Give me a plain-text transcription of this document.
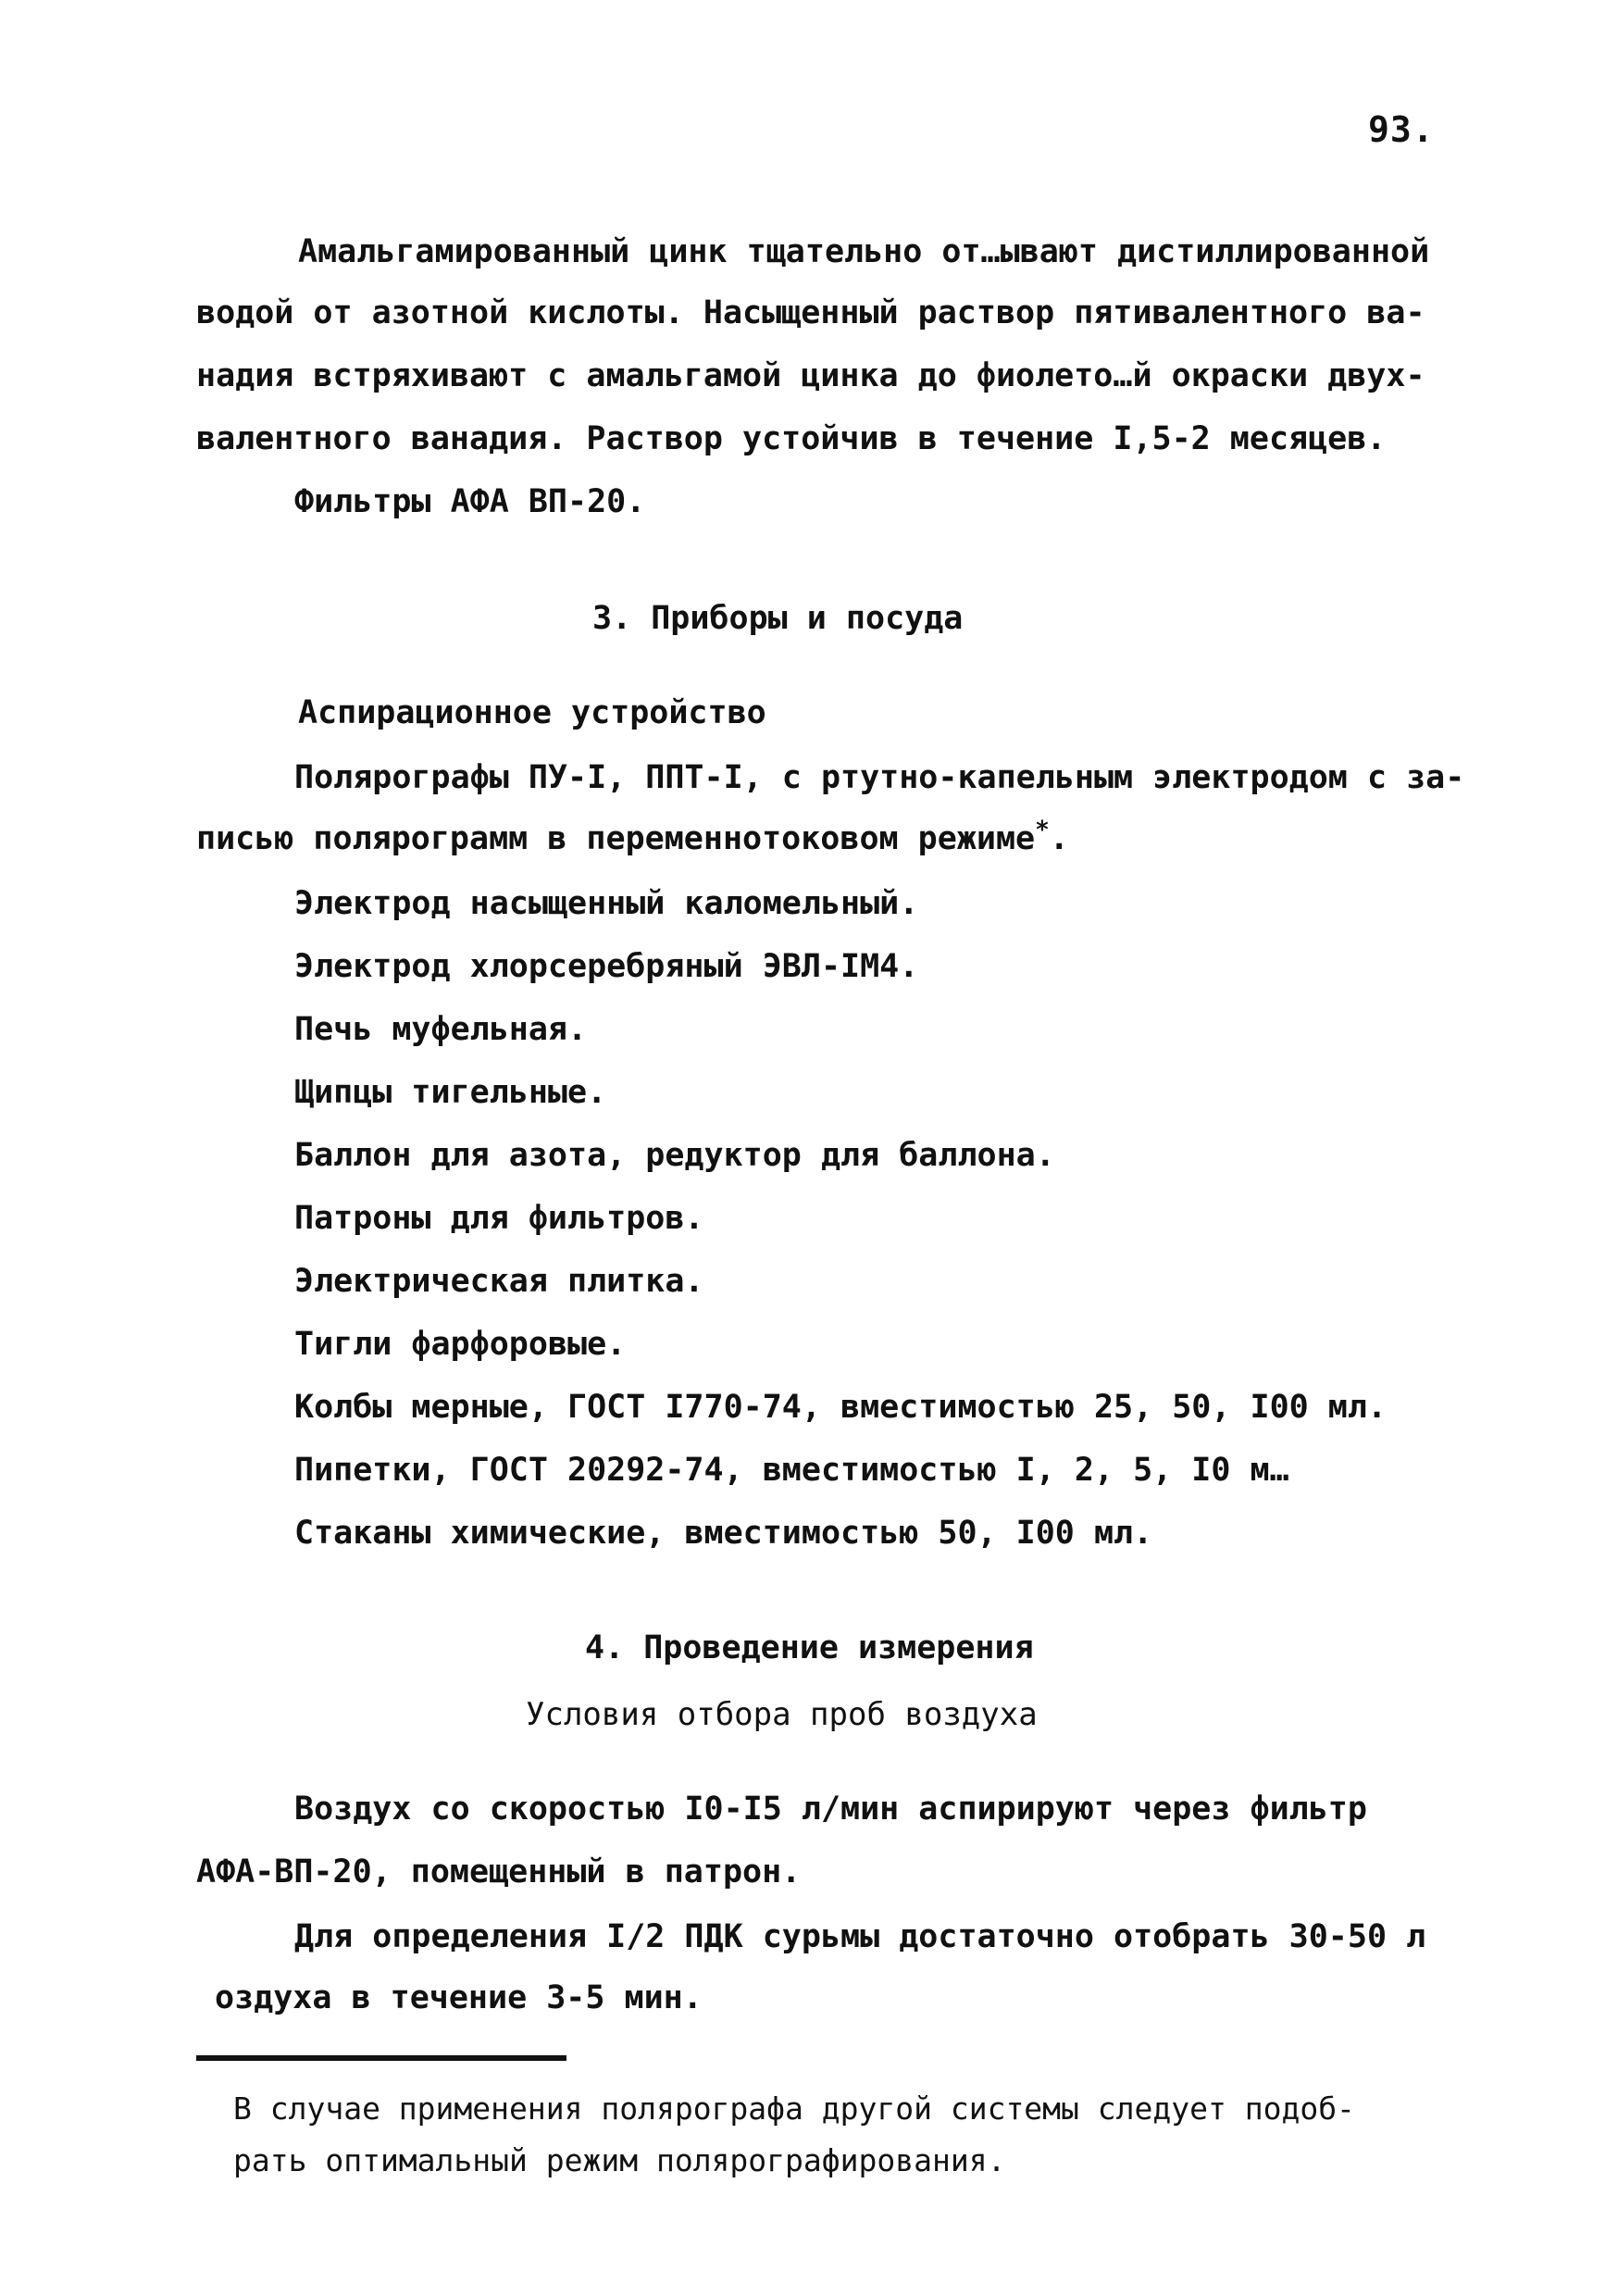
93.
Амальгамированный цинк тщательно от…ывают дистиллированной
водой от азотной кислоты. Насыщенный раствор пятивалентного ва-
надия встряхивают с амальгамой цинка до фиолето…й окраски двух-
валентного ванадия. Раствор устойчив в течение I,5-2 месяцев.
Фильтры АФА ВП-20.
3. Приборы и посуда
Аспирационное устройство
Полярографы ПУ-I, ППТ-I, с ртутно-капельным электродом с за-
писью полярограмм в переменнотоковом режиме*.
Электрод насыщенный каломельный.
Электрод хлорсеребряный ЭВЛ-IМ4.
Печь муфельная.
Щипцы тигельные.
Баллон для азота, редуктор для баллона.
Патроны для фильтров.
Электрическая плитка.
Тигли фарфоровые.
Колбы мерные, ГОСТ I770-74, вместимостью 25, 50, I00 мл.
Пипетки, ГОСТ 20292-74, вместимостью I, 2, 5, I0 м…
Стаканы химические, вместимостью 50, I00 мл.
4. Проведение измерения
Условия отбора проб воздуха
Воздух со скоростью I0-I5 л/мин аспирируют через фильтр
АФА-ВП-20, помещенный в патрон.
Для определения I/2 ПДК сурьмы достаточно отобрать 30-50 л
оздуха в течение 3-5 мин.
В случае применения полярографа другой системы следует подоб-
рать оптимальный режим полярографирования.
